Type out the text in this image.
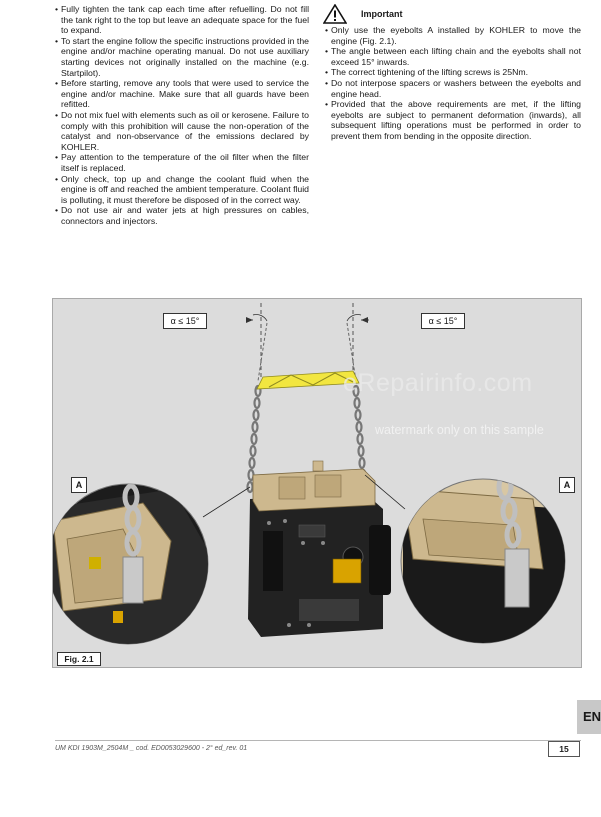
• Fully tighten the tank cap each time after refuelling. Do not fill the tank right to the top but leave an adequate space for the fuel to expand.

• To start the engine follow the specific instructions provided in the engine and/or machine operating manual. Do not use auxiliary starting devices not originally installed on the machine (e.g. Startpilot).

• Before starting, remove any tools that were used to service the engine and/or machine. Make sure that all guards have been refitted.

• Do not mix fuel with elements such as oil or kerosene. Failure to comply with this prohibition will cause the non-operation of the catalyst and non-observance of the emissions declared by KOHLER.

• Pay attention to the temperature of the oil filter when the filter itself is replaced.

• Only check, top up and change the coolant fluid when the engine is off and reached the ambient temperature. Coolant fluid is polluting, it must therefore be disposed of in the correct way.

• Do not use air and water jets at high pressures on cables, connectors and injectors.

Important

• Only use the eyebolts A installed by KOHLER to move the engine (Fig. 2.1).

• The angle between each lifting chain and the eyebolts shall not exceed 15° inwards.

• The correct tightening of the lifting screws is 25Nm.

• Do not interpose spacers or washers between the eyebolts and engine head.

• Provided that the above requirements are met, if the lifting eyebolts are subject to permanent deformation (inwards), all subsequent lifting operations must be performed in order to prevent them from bending in the opposite direction.

eRepairinfo.com
watermark only on this sample
α ≤ 15°	α ≤ 15°
A	A
Fig. 2.1
EN
UM KDI 1903M_2504M _ cod. ED0053029600 - 2° ed_rev. 01	15
